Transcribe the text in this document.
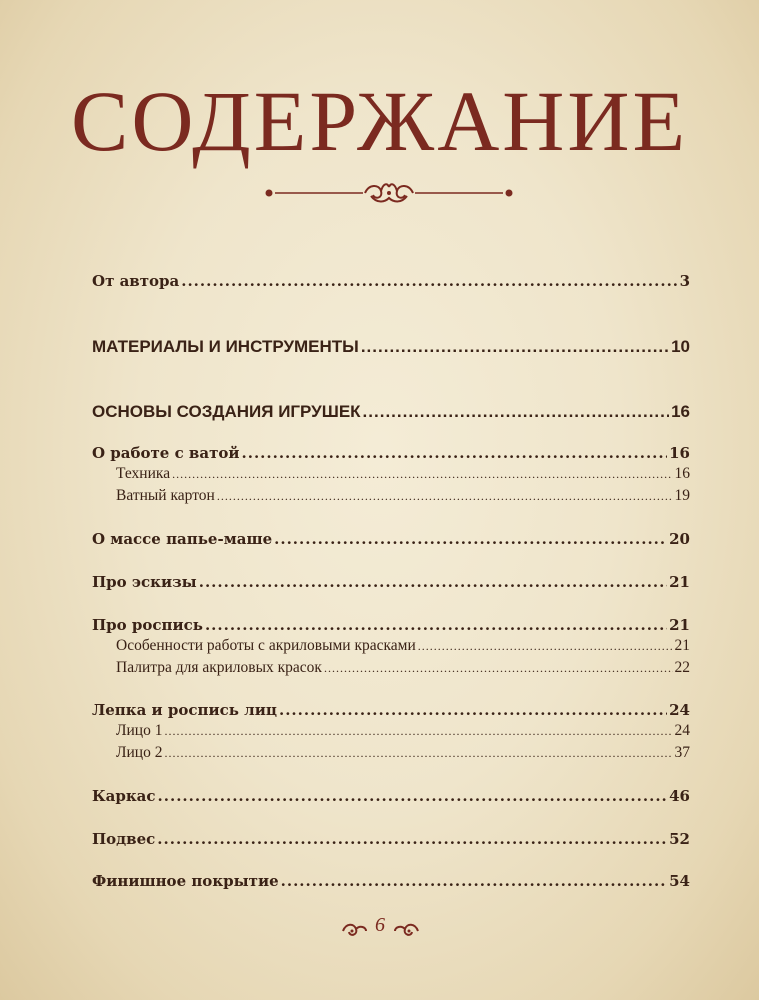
СОДЕРЖАНИЕ
От автора .....	3
МАТЕРИАЛЫ И ИНСТРУМЕНТЫ .....	10
ОСНОВЫ СОЗДАНИЯ ИГРУШЕК .....	16
О работе с ватой .....	16
Техника .....	16
Ватный картон .....	19
О массе папье-маше .....	20
Про эскизы .....	21
Про роспись .....	21
Особенности работы с акриловыми красками .....	21
Палитра для акриловых красок .....	22
Лепка и роспись лиц .....	24
Лицо 1 .....	24
Лицо 2 .....	37
Каркас .....	46
Подвес .....	52
Финишное покрытие .....	54
6
